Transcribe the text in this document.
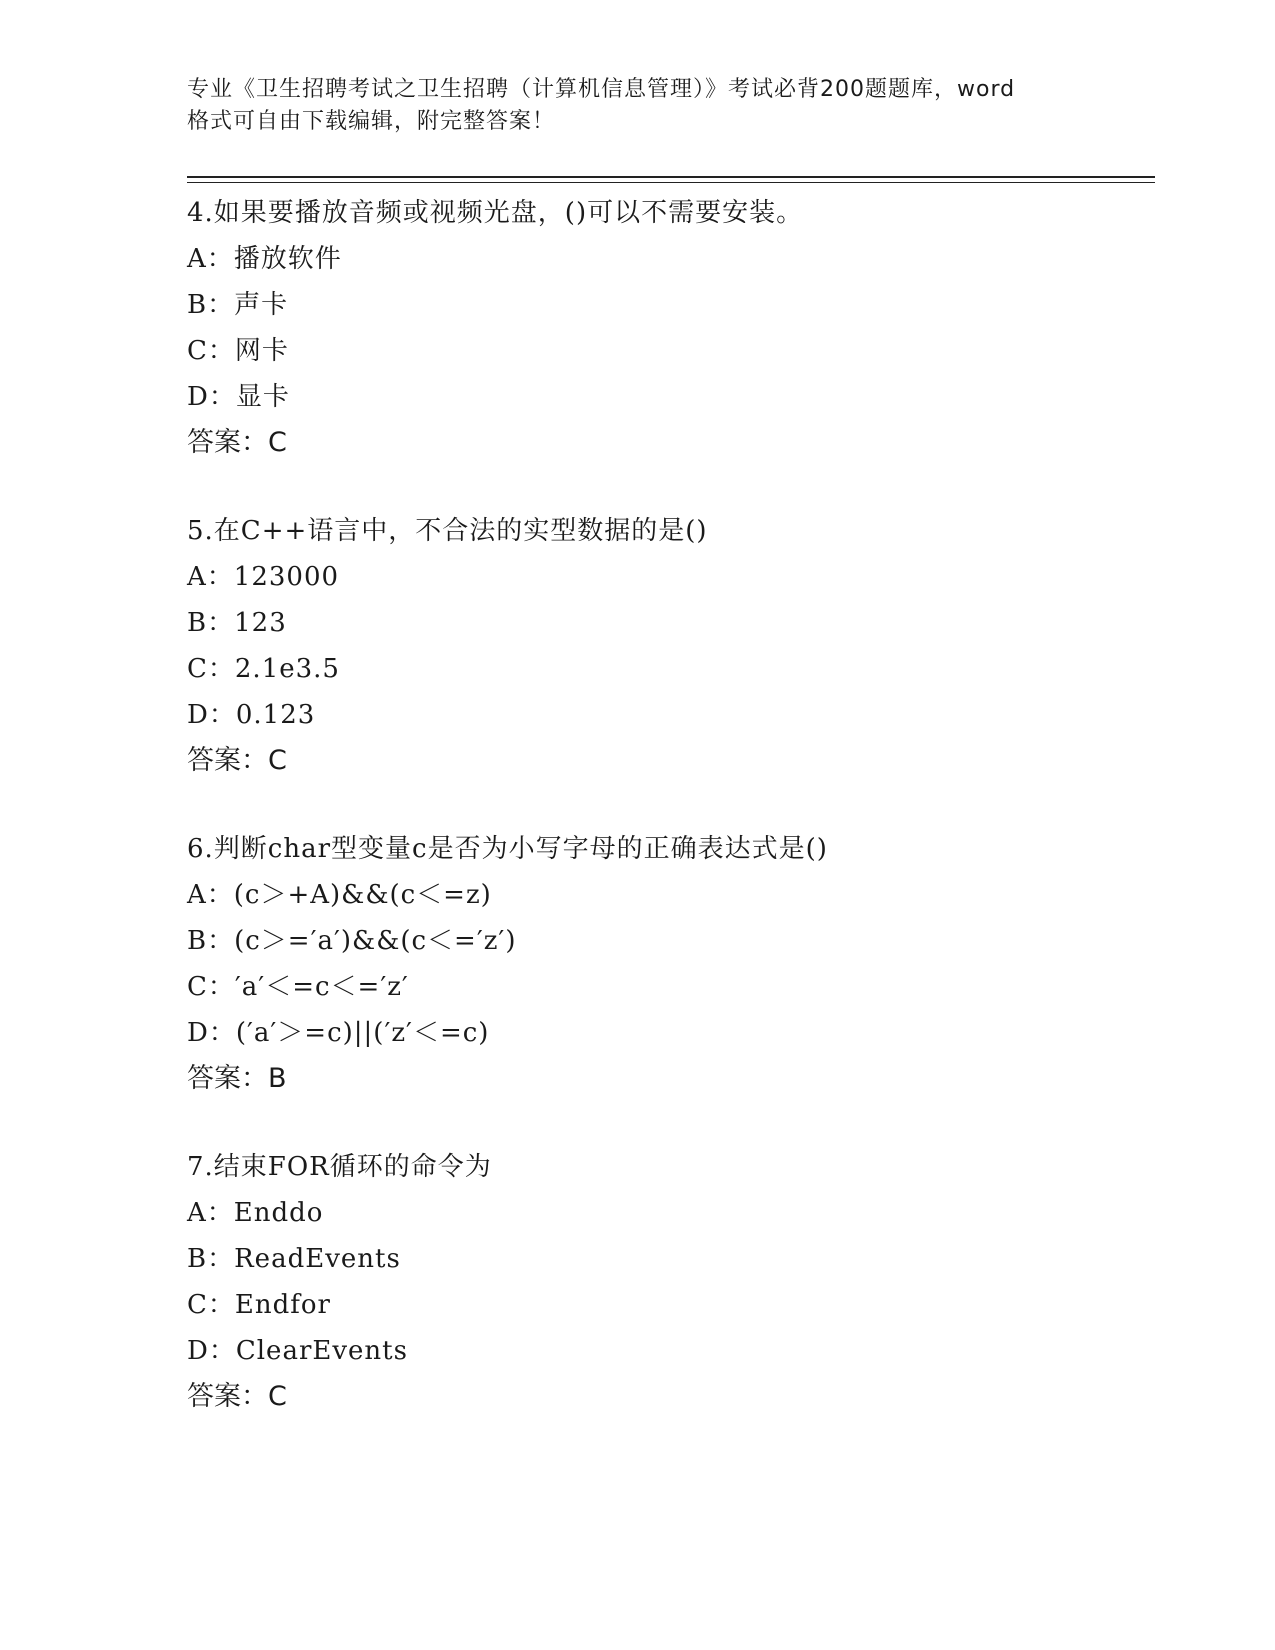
专业《卫生招聘考试之卫生招聘（计算机信息管理）》考试必背200题题库，word
格式可自由下载编辑，附完整答案！
4.如果要播放音频或视频光盘，()可以不需要安装。
A：播放软件
B：声卡
C：网卡
D：显卡
答案：C
5.在C++语言中，不合法的实型数据的是()
A：123000
B：123
C：2.1e3.5
D：0.123
答案：C
6.判断char型变量c是否为小写字母的正确表达式是()
A：(c＞+A)&&(c＜=z)
B：(c＞=′a′)&&(c＜=′z′)
C：′a′＜=c＜=′z′
D：(′a′＞=c)||(′z′＜=c)
答案：B
7.结束FOR循环的命令为
A：Enddo
B：ReadEvents
C：Endfor
D：ClearEvents
答案：C
